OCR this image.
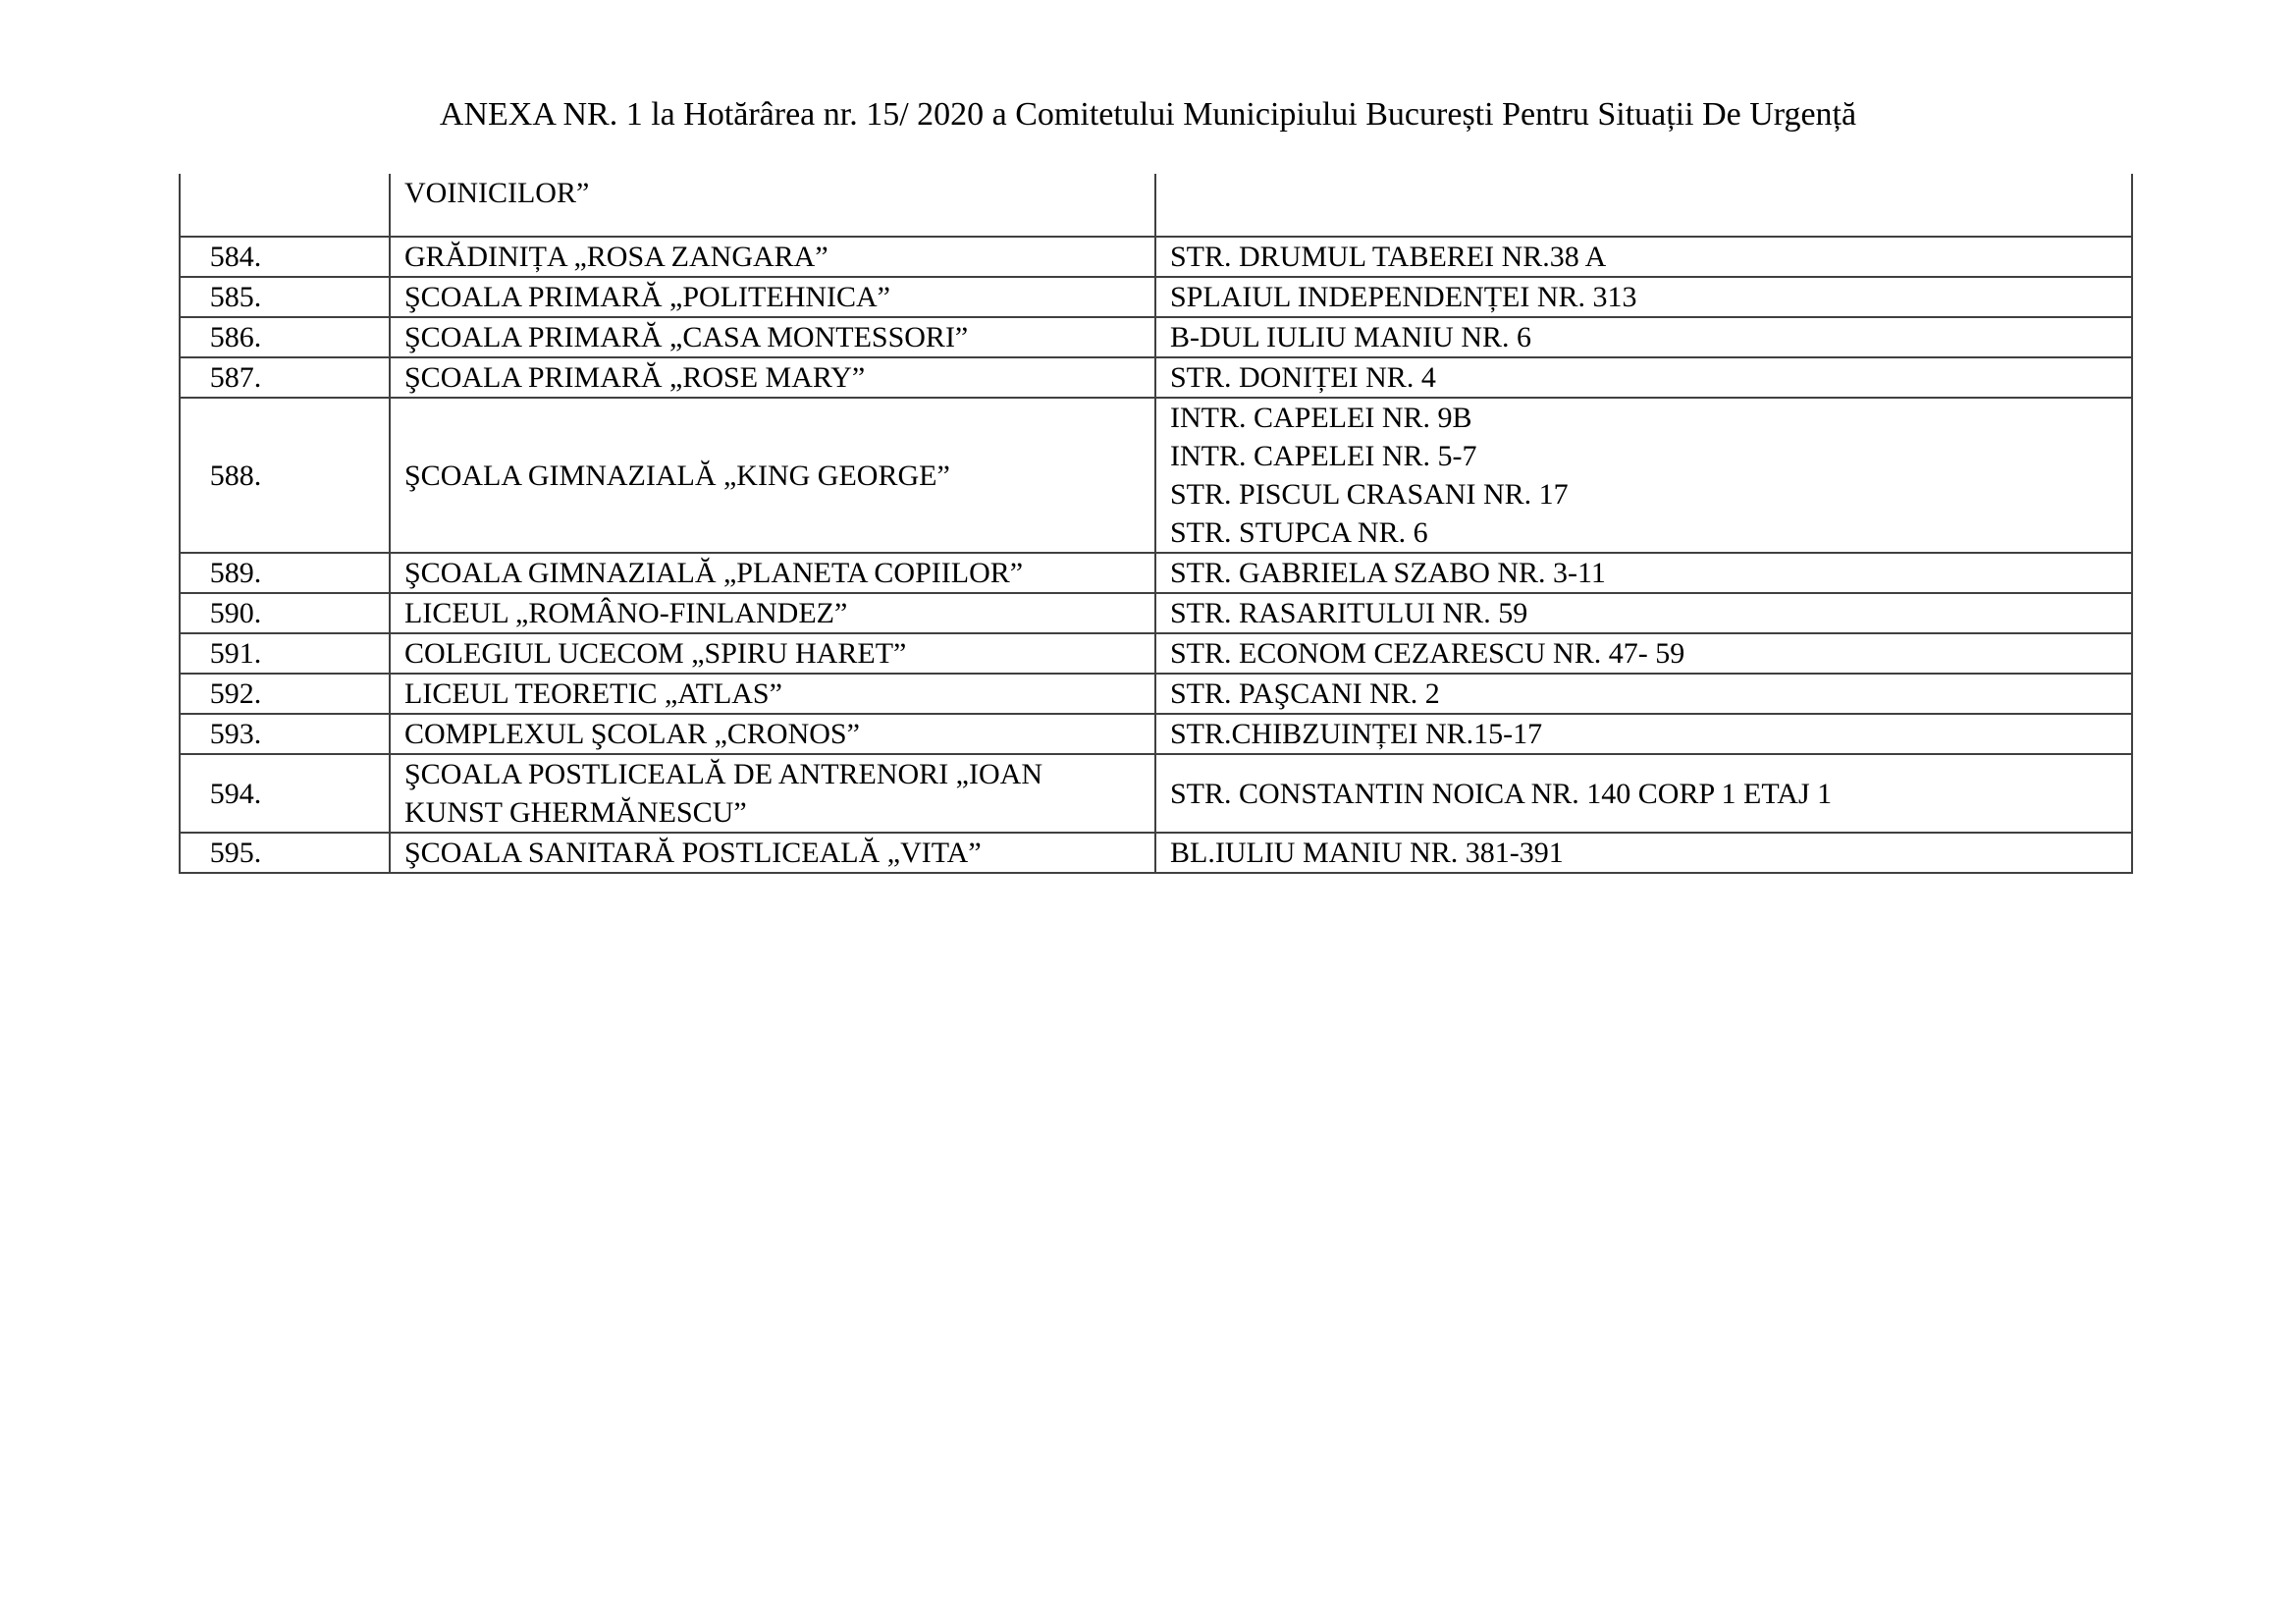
ANEXA NR. 1 la Hotărârea nr. 15/ 2020 a Comitetului Municipiului București Pentru Situații De Urgență
	VOINICILOR”	
584.	GRĂDINIȚA „ROSA ZANGARA”	STR. DRUMUL TABEREI NR.38 A

585.	ŞCOALA PRIMARĂ „POLITEHNICA”	SPLAIUL INDEPENDENȚEI NR. 313

586.	ŞCOALA PRIMARĂ „CASA MONTESSORI”	B-DUL IULIU MANIU NR. 6

587.	ŞCOALA PRIMARĂ „ROSE MARY”	STR. DONIȚEI NR. 4

588.	ŞCOALA GIMNAZIALĂ „KING GEORGE”	INTR. CAPELEI NR. 9B
INTR. CAPELEI NR. 5-7
STR. PISCUL CRASANI NR. 17
STR. STUPCA NR. 6

589.	ŞCOALA GIMNAZIALĂ „PLANETA COPIILOR”	STR. GABRIELA SZABO NR. 3-11

590.	LICEUL „ROMÂNO-FINLANDEZ”	STR. RASARITULUI NR. 59

591.	COLEGIUL UCECOM „SPIRU HARET”	STR. ECONOM CEZARESCU NR. 47- 59

592.	LICEUL TEORETIC „ATLAS”	STR. PAŞCANI NR. 2

593.	COMPLEXUL ŞCOLAR „CRONOS”	STR.CHIBZUINȚEI NR.15-17

594.	ŞCOALA POSTLICEALĂ DE ANTRENORI „IOAN
KUNST GHERMĂNESCU”	STR. CONSTANTIN NOICA NR. 140 CORP 1 ETAJ 1

595.	ŞCOALA SANITARĂ POSTLICEALĂ „VITA”	BL.IULIU MANIU NR. 381-391
